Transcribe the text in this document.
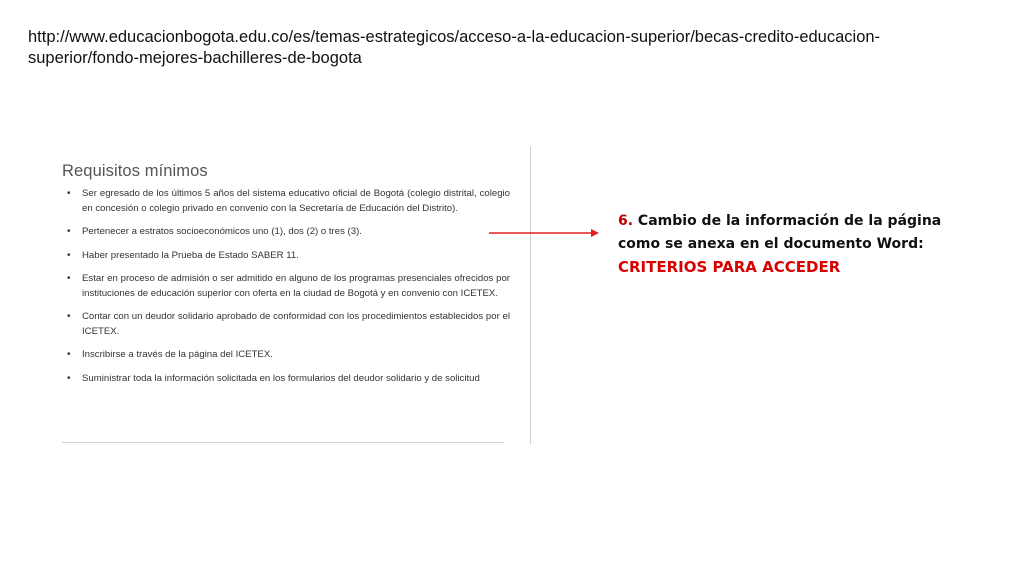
http://www.educacionbogota.edu.co/es/temas-estrategicos/acceso-a-la-educacion-superior/becas-credito-educacion-
superior/fondo-mejores-bachilleres-de-bogota

Requisitos mínimos
• Ser egresado de los últimos 5 años del sistema educativo oficial de Bogotá (colegio distrital, colegio en concesión o colegio privado en convenio con la Secretaría de Educación del Distrito).
• Pertenecer a estratos socioeconómicos uno (1), dos (2) o tres (3).
• Haber presentado la Prueba de Estado SABER 11.
• Estar en proceso de admisión o ser admitido en alguno de los programas presenciales ofrecidos por instituciones de educación superior con oferta en la ciudad de Bogotá y en convenio con ICETEX.
• Contar con un deudor solidario aprobado de conformidad con los procedimientos establecidos por el ICETEX.
• Inscribirse a través de la página del ICETEX.
• Suministrar toda la información solicitada en los formularios del deudor solidario y de solicitud
6. Cambio de la información de la página como se anexa en el documento Word: CRITERIOS PARA ACCEDER
